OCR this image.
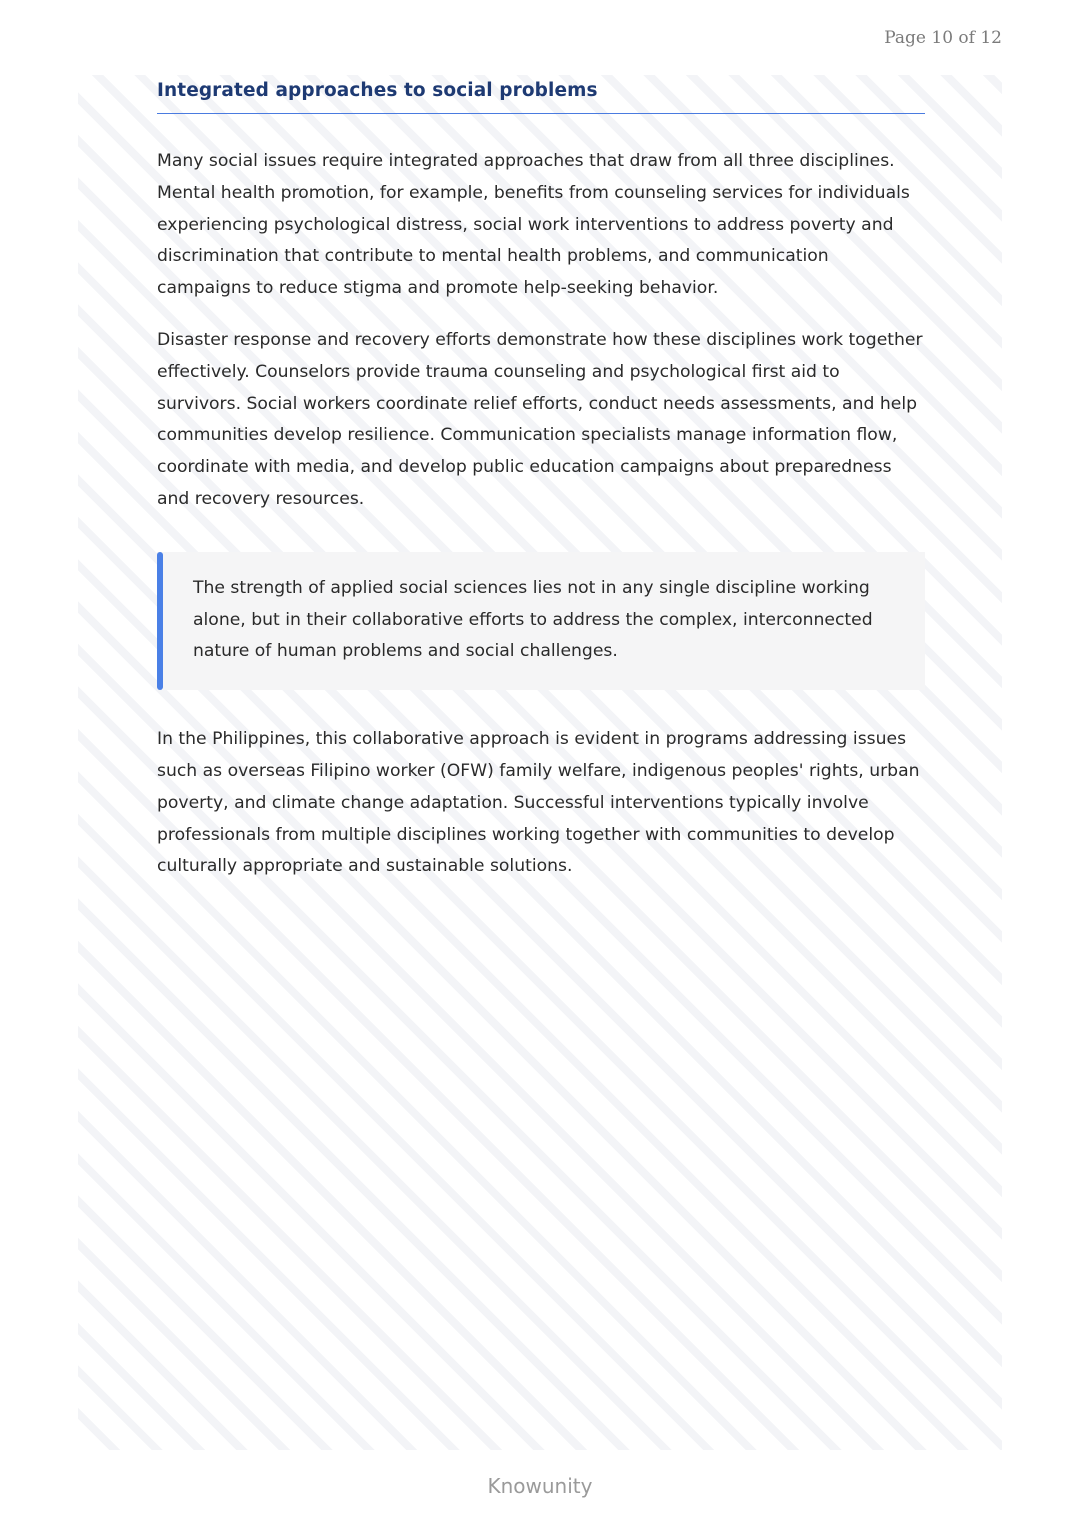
Page 10 of 12
Integrated approaches to social problems

Many social issues require integrated approaches that draw from all three disciplines. Mental health promotion, for example, benefits from counseling services for individuals experiencing psychological distress, social work interventions to address poverty and discrimination that contribute to mental health problems, and communication campaigns to reduce stigma and promote help-seeking behavior.

Disaster response and recovery efforts demonstrate how these disciplines work together effectively. Counselors provide trauma counseling and psychological first aid to survivors. Social workers coordinate relief efforts, conduct needs assessments, and help communities develop resilience. Communication specialists manage information flow, coordinate with media, and develop public education campaigns about preparedness and recovery resources.

The strength of applied social sciences lies not in any single discipline working alone, but in their collaborative efforts to address the complex, interconnected nature of human problems and social challenges.

In the Philippines, this collaborative approach is evident in programs addressing issues such as overseas Filipino worker (OFW) family welfare, indigenous peoples' rights, urban poverty, and climate change adaptation. Successful interventions typically involve professionals from multiple disciplines working together with communities to develop culturally appropriate and sustainable solutions.

Knowunity
